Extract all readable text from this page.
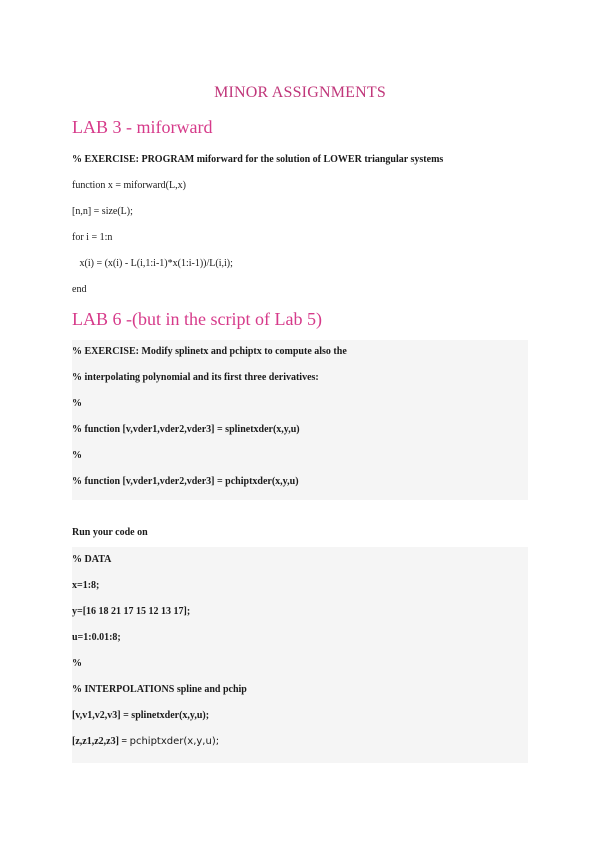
MINOR ASSIGNMENTS
LAB 3 - miforward
% EXERCISE: PROGRAM miforward for the solution of LOWER triangular systems
function x = miforward(L,x)
[n,n] = size(L);
for i = 1:n
x(i) = (x(i) - L(i,1:i-1)*x(1:i-1))/L(i,i);
end
LAB 6 -(but in the script of Lab 5)
% EXERCISE: Modify splinetx and pchiptx to compute also the
% interpolating polynomial and its first three derivatives:
%
% function [v,vder1,vder2,vder3] = splinetxder(x,y,u)
%
% function [v,vder1,vder2,vder3] = pchiptxder(x,y,u)
Run your code on
% DATA
x=1:8;
y=[16 18 21 17 15 12 13 17];
u=1:0.01:8;
%
% INTERPOLATIONS spline and pchip
[v,v1,v2,v3] = splinetxder(x,y,u);
[z,z1,z2,z3] = pchiptxder(x,y,u);
